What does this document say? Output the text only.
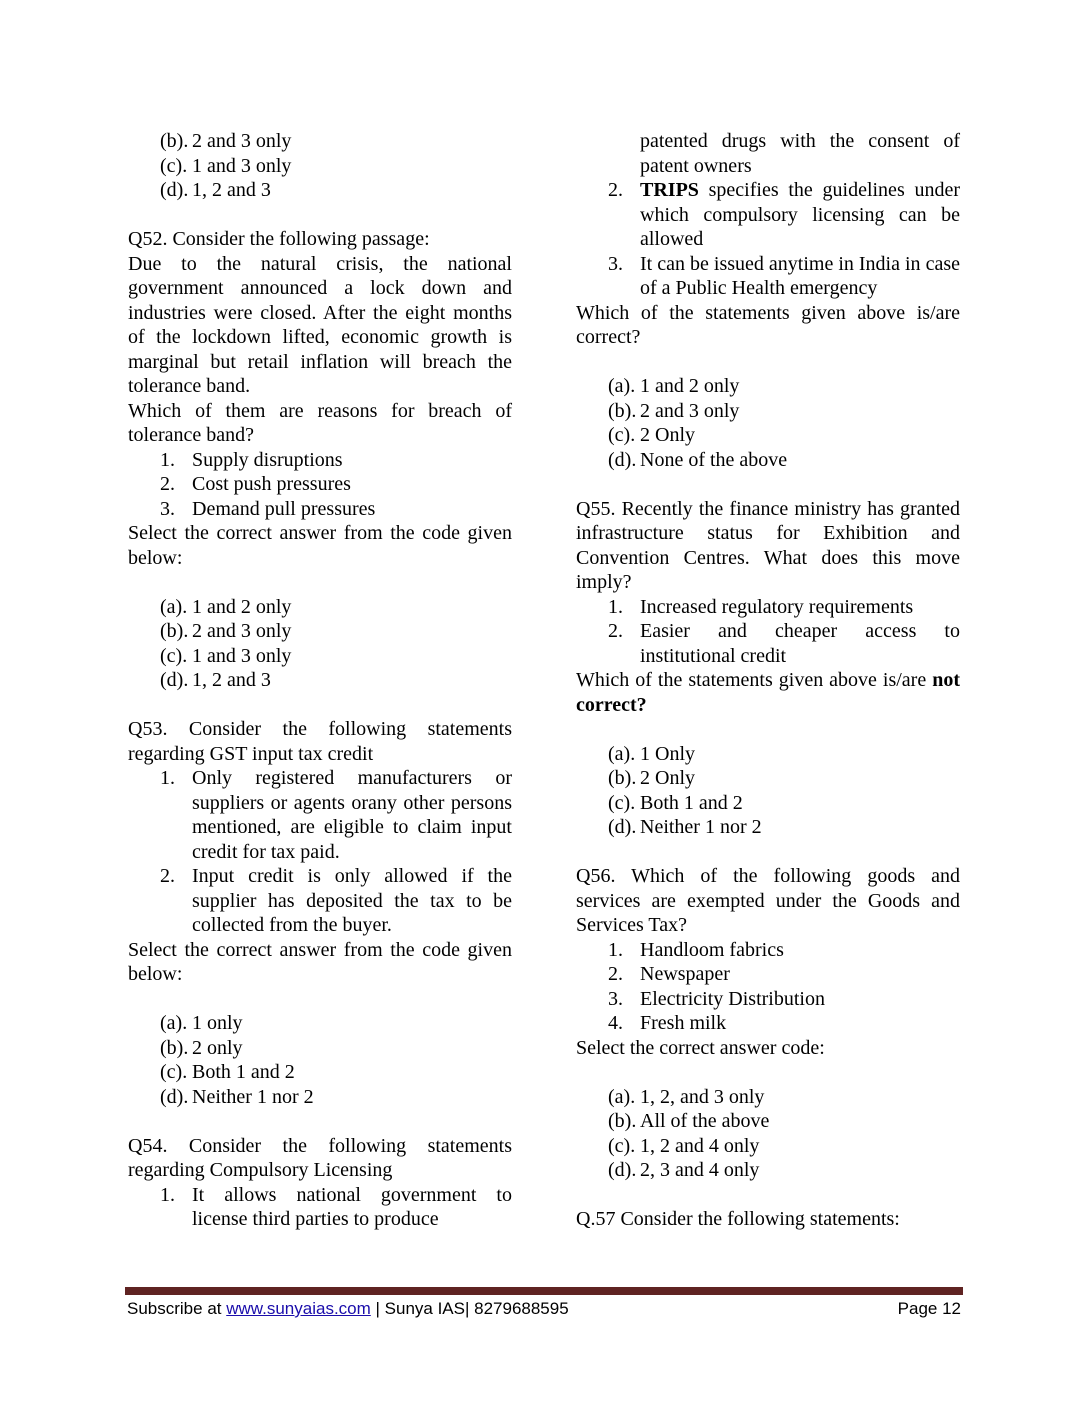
(b). 2 and 3 only
(c). 1 and 3 only
(d). 1, 2 and 3
Q52. Consider the following passage:
Due to the natural crisis, the national government announced a lock down and industries were closed. After the eight months of the lockdown lifted, economic growth is marginal but retail inflation will breach the tolerance band.
Which of them are reasons for breach of tolerance band?
1. Supply disruptions
2. Cost push pressures
3. Demand pull pressures
Select the correct answer from the code given below:
(a). 1 and 2 only
(b). 2 and 3 only
(c). 1 and 3 only
(d). 1, 2 and 3
Q53. Consider the following statements regarding GST input tax credit
1. Only registered manufacturers or suppliers or agents orany other persons mentioned, are eligible to claim input credit for tax paid.
2. Input credit is only allowed if the supplier has deposited the tax to be collected from the buyer.
Select the correct answer from the code given below:
(a). 1 only
(b). 2 only
(c). Both 1 and 2
(d). Neither 1 nor 2
Q54. Consider the following statements regarding Compulsory Licensing
1. It allows national government to license third parties to produce
patented drugs with the consent of patent owners
2. TRIPS specifies the guidelines under which compulsory licensing can be allowed
3. It can be issued anytime in India in case of a Public Health emergency
Which of the statements given above is/are correct?
(a). 1 and 2 only
(b). 2 and 3 only
(c). 2 Only
(d). None of the above
Q55. Recently the finance ministry has granted infrastructure status for Exhibition and Convention Centres. What does this move imply?
1. Increased regulatory requirements
2. Easier and cheaper access to institutional credit
Which of the statements given above is/are not correct?
(a). 1 Only
(b). 2 Only
(c). Both 1 and 2
(d). Neither 1 nor 2
Q56. Which of the following goods and services are exempted under the Goods and Services Tax?
1. Handloom fabrics
2. Newspaper
3. Electricity Distribution
4. Fresh milk
Select the correct answer code:
(a). 1, 2, and 3 only
(b). All of the above
(c). 1, 2 and 4 only
(d). 2, 3 and 4 only
Q.57 Consider the following statements:
Subscribe at www.sunyaias.com | Sunya IAS| 8279688595	Page 12
